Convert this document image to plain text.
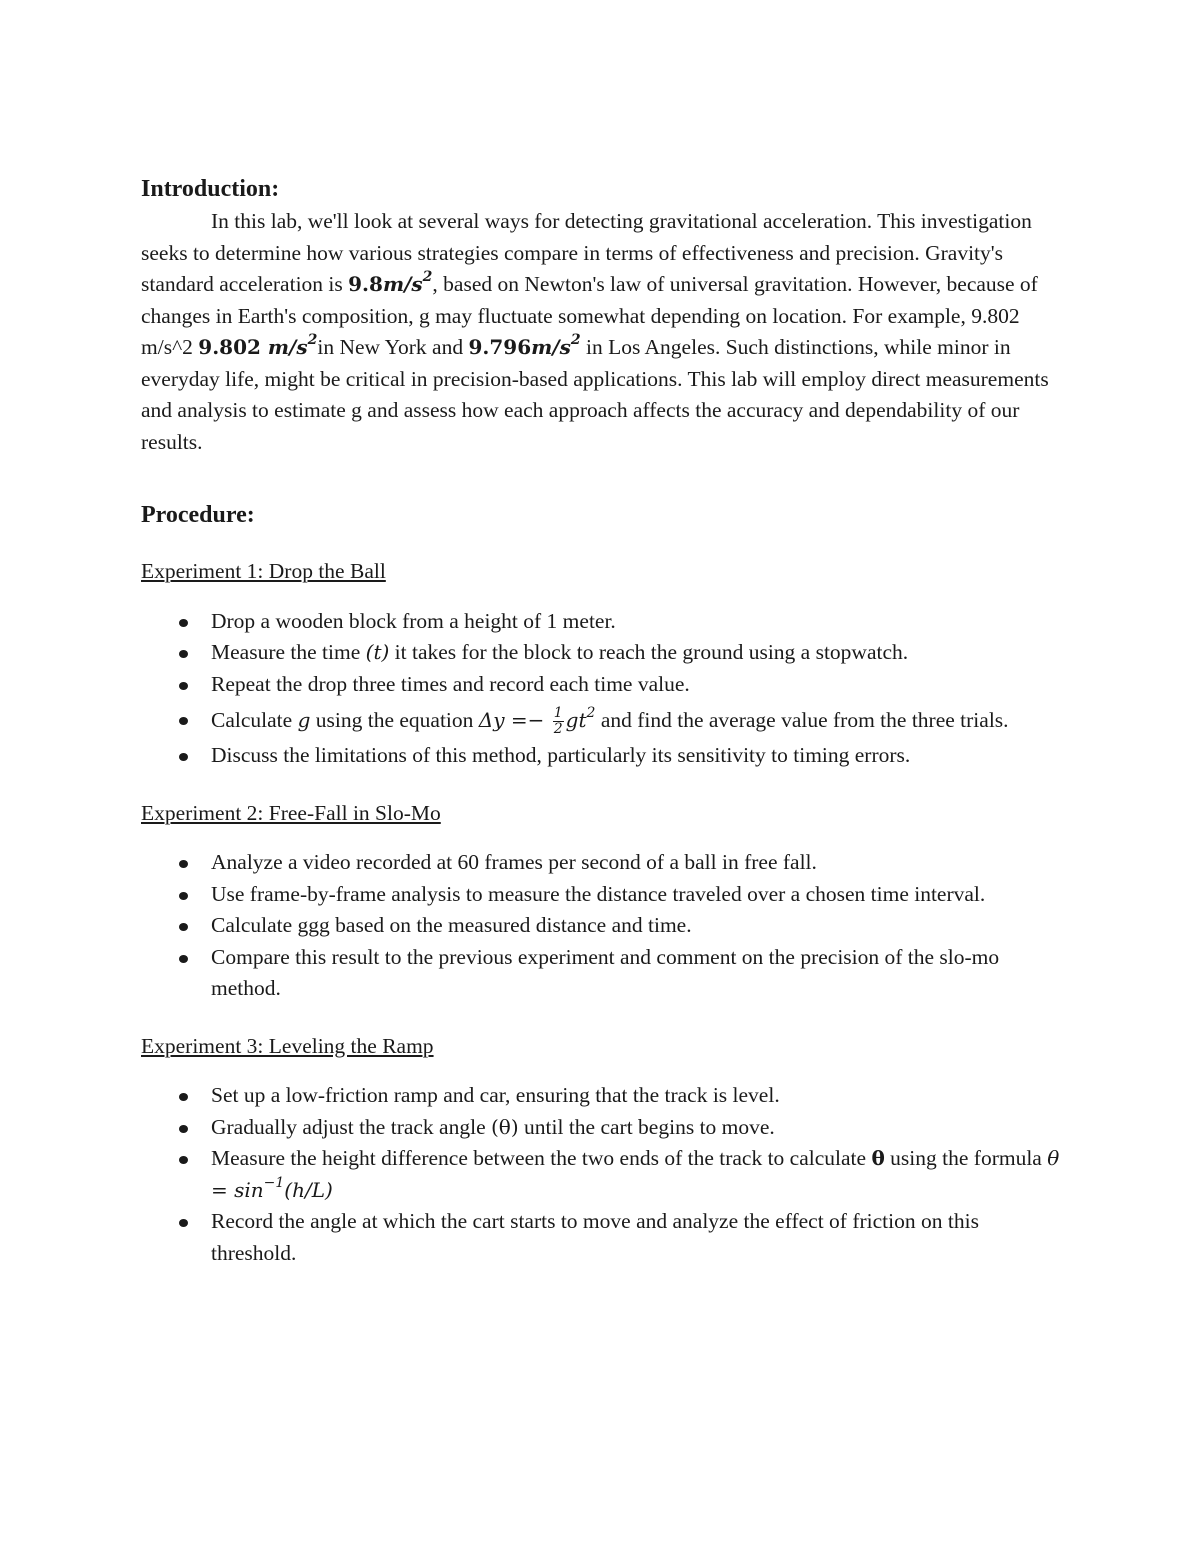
Introduction:

In this lab, we'll look at several ways for detecting gravitational acceleration. This investigation seeks to determine how various strategies compare in terms of effectiveness and precision. Gravity's standard acceleration is $9.8m/s^2$, based on Newton's law of universal gravitation. However, because of changes in Earth's composition, g may fluctuate somewhat depending on location. For example, 9.802 m/s^2 9.802 $m/s^2in$ New York and $9.796m/s^2$ in Los Angeles. Such distinctions, while minor in everyday life, might be critical in precision-based applications. This lab will employ direct measurements and analysis to estimate g and assess how each approach affects the accuracy and dependability of our results.

Procedure:
Experiment 1: Drop the Ball
Drop a wooden block from a height of 1 meter.
Measure the time (t) it takes for the block to reach the ground using a stopwatch.
Repeat the drop three times and record each time value.
Calculate g using the equation $\Delta y =- \frac{1}{2} gt^2$ and find the average value from the three trials.
Discuss the limitations of this method, particularly its sensitivity to timing errors.
Experiment 2: Free-Fall in Slo-Mo
Analyze a video recorded at 60 frames per second of a ball in free fall.
Use frame-by-frame analysis to measure the distance traveled over a chosen time interval.
Calculate ggg based on the measured distance and time.
Compare this result to the previous experiment and comment on the precision of the slo-mo method.
Experiment 3: Leveling the Ramp
Set up a low-friction ramp and car, ensuring that the track is level.
Gradually adjust the track angle (θ) until the cart begins to move.
Measure the height difference between the two ends of the track to calculate θ using the formula $\theta = \sin^{-1}(h/L)$
Record the angle at which the cart starts to move and analyze the effect of friction on this threshold.
